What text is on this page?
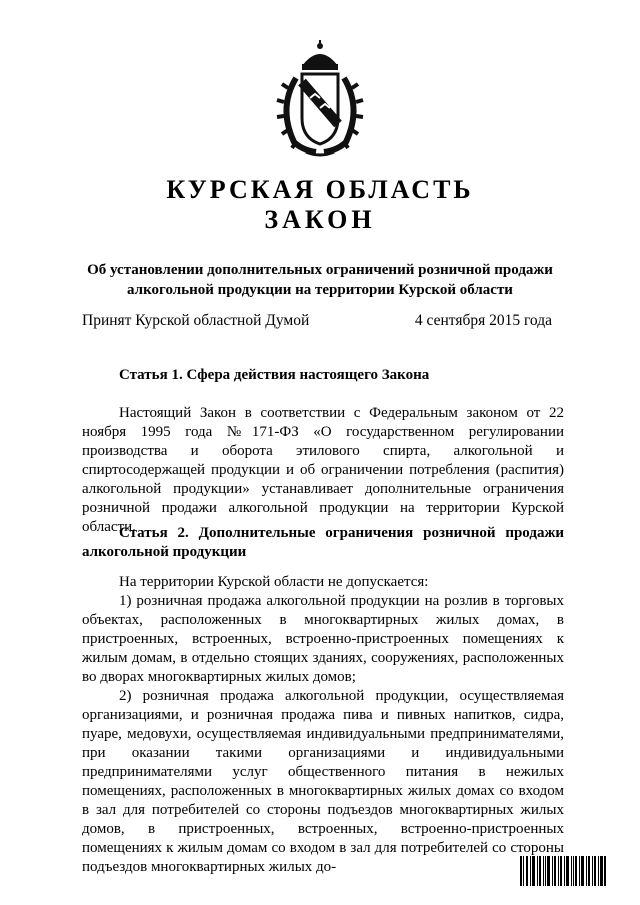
КУРСКАЯ ОБЛАСТЬ
ЗАКОН
Об установлении дополнительных ограничений розничной продажи алкогольной продукции на территории Курской области
Принят Курской областной Думой	4 сентября 2015 года
Статья 1. Сфера действия настоящего Закона

Настоящий Закон в соответствии с Федеральным законом от 22 ноября 1995 года №171-ФЗ «О государственном регулировании производства и оборота этилового спирта, алкогольной и спиртосодержащей продукции и об ограничении потребления (распития) алкогольной продукции» устанавливает дополнительные ограничения розничной продажи алкогольной продукции на территории Курской области.

Статья 2. Дополнительные ограничения розничной продажи алкогольной продукции

На территории Курской области не допускается:

1) розничная продажа алкогольной продукции на розлив в торговых объектах, расположенных в многоквартирных жилых домах, в пристроенных, встроенных, встроенно-пристроенных помещениях к жилым домам, в отдельно стоящих зданиях, сооружениях, расположенных во дворах многоквартирных жилых домов;

2) розничная продажа алкогольной продукции, осуществляемая организациями, и розничная продажа пива и пивных напитков, сидра, пуаре, медовухи, осуществляемая индивидуальными предпринимателями, при оказании такими организациями и индивидуальными предпринимателями услуг общественного питания в нежилых помещениях, расположенных в многоквартирных жилых домах со входом в зал для потребителей со стороны подъездов многоквартирных жилых домов, в пристроенных, встроенных, встроенно-пристроенных помещениях к жилым домам со входом в зал для потребителей со стороны подъездов многоквартирных жилых до-
